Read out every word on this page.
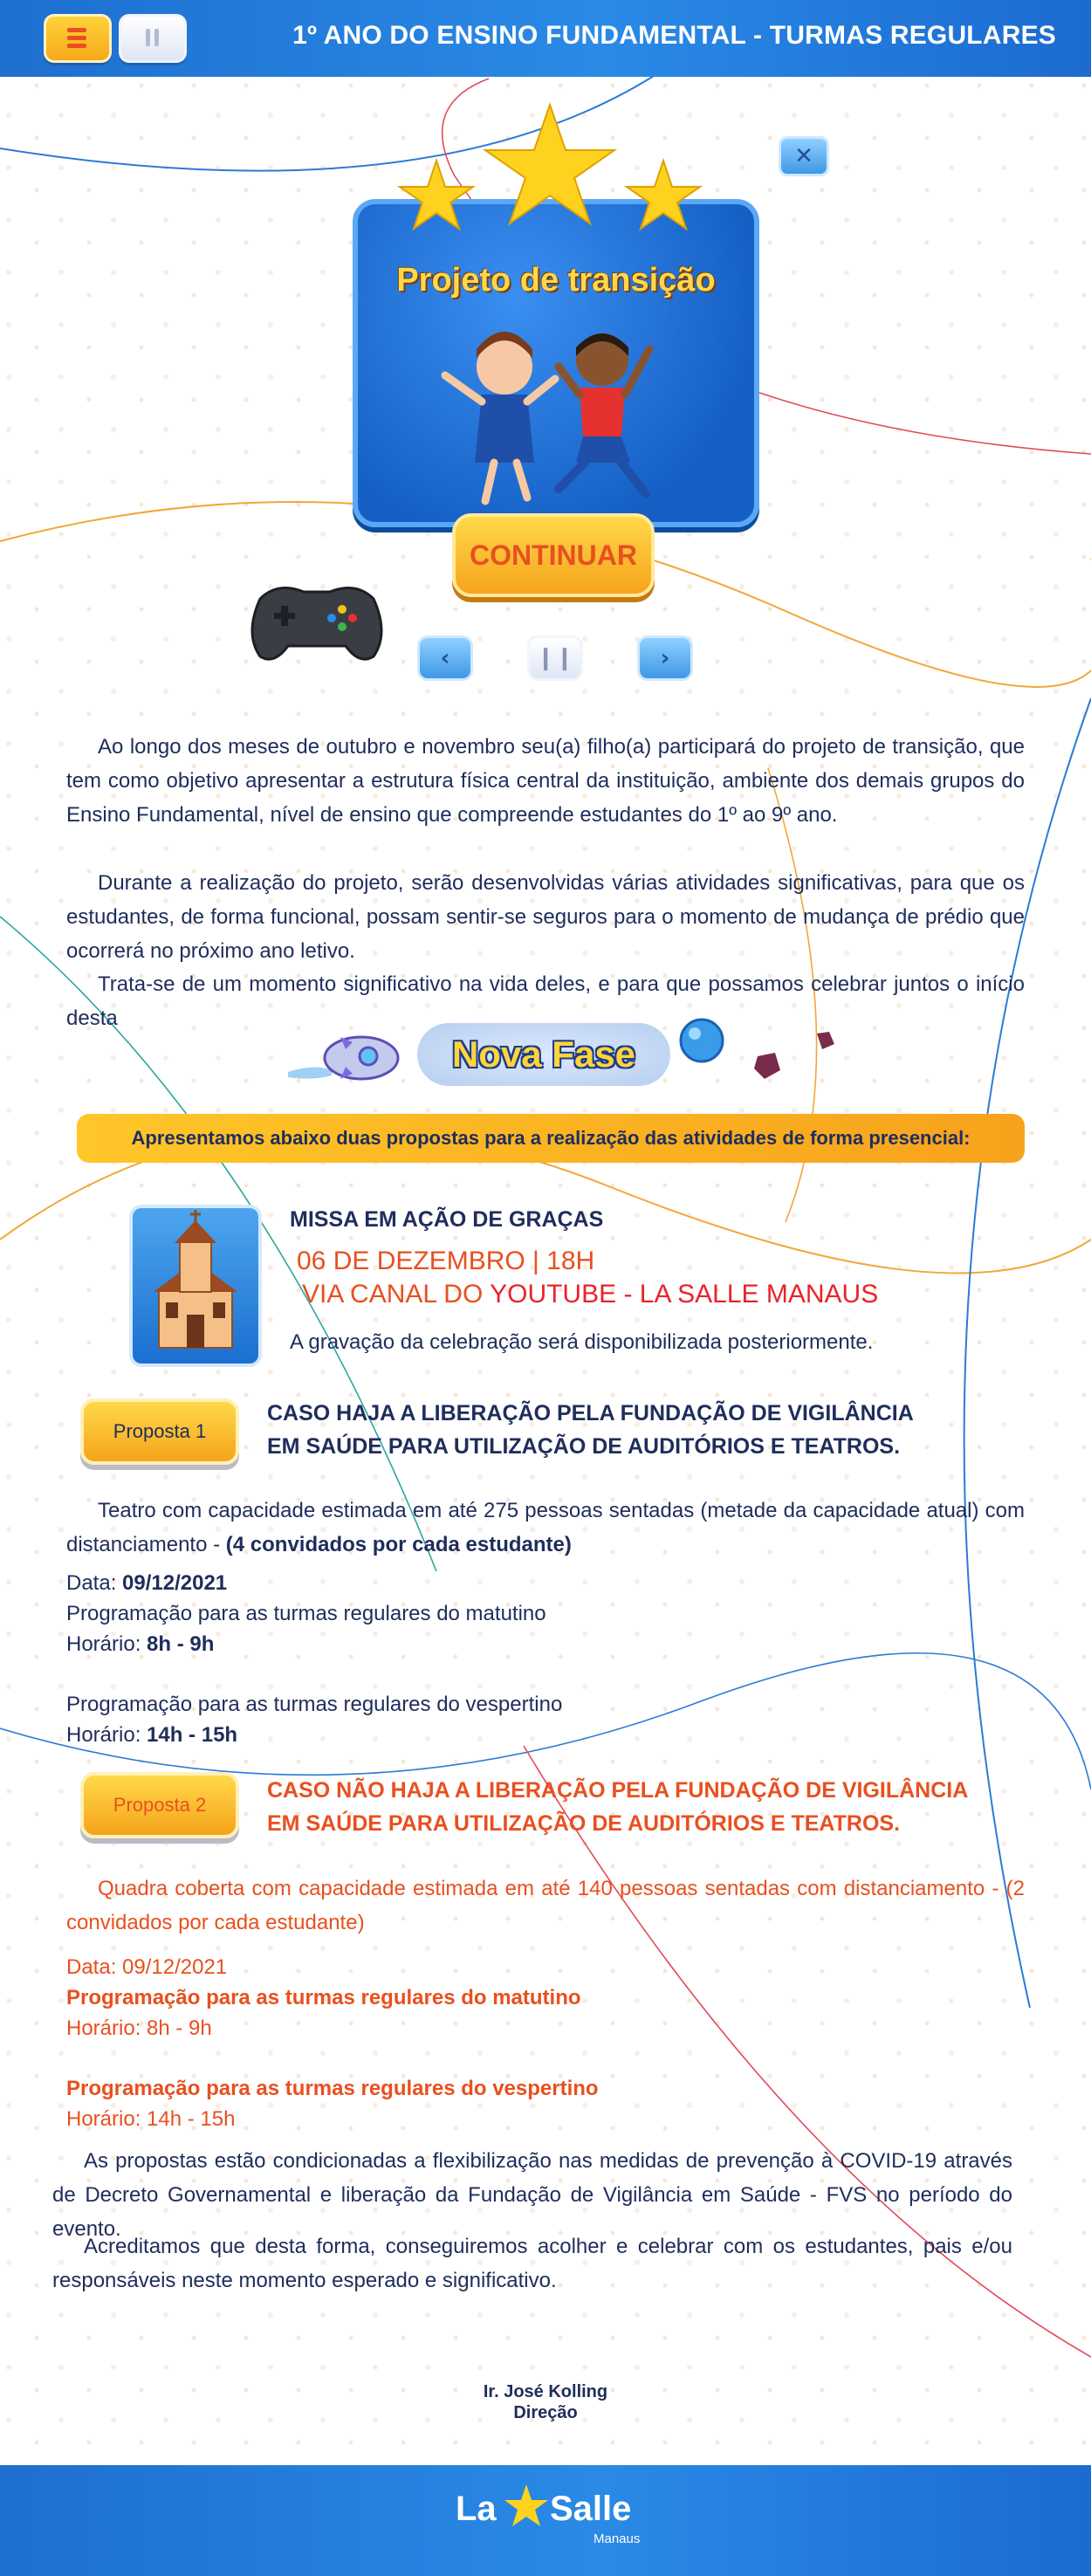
1º ANO DO ENSINO FUNDAMENTAL - TURMAS REGULARES
✕
Projeto de transição
CONTINUAR
‹	❙❙	›
Ao longo dos meses de outubro e novembro seu(a) filho(a) participará do projeto de transição, que tem como objetivo apresentar a estrutura física central da instituição, ambiente dos demais grupos do Ensino Fundamental, nível de ensino que compreende estudantes do 1º ao 9º ano.
Durante a realização do projeto, serão desenvolvidas várias atividades significativas, para que os estudantes, de forma funcional, possam sentir-se seguros para o momento de mudança de prédio que ocorrerá no próximo ano letivo.
Trata-se de um momento significativo na vida deles, e para que possamos celebrar juntos o início desta
Nova Fase
Apresentamos abaixo duas propostas para a realização das atividades de forma presencial:
MISSA EM AÇÃO DE GRAÇAS
06 DE DEZEMBRO | 18H
VIA CANAL DO YOUTUBE - LA SALLE MANAUS
A gravação da celebração será disponibilizada posteriormente.
Proposta 1
CASO HAJA A LIBERAÇÃO PELA FUNDAÇÃO DE VIGILÂNCIA
EM SAÚDE PARA UTILIZAÇÃO DE AUDITÓRIOS E TEATROS.
Teatro com capacidade estimada em até 275 pessoas sentadas (metade da capacidade atual) com distanciamento - (4 convidados por cada estudante)
Data: 09/12/2021
Programação para as turmas regulares do matutino
Horário: 8h - 9h
Programação para as turmas regulares do vespertino
Horário: 14h - 15h
Proposta 2
CASO NÃO HAJA A LIBERAÇÃO PELA FUNDAÇÃO DE VIGILÂNCIA
EM SAÚDE PARA UTILIZAÇÃO DE AUDITÓRIOS E TEATROS.
Quadra coberta com capacidade estimada em até 140 pessoas sentadas com distanciamento - (2 convidados por cada estudante)
Data: 09/12/2021
Programação para as turmas regulares do matutino
Horário: 8h - 9h
Programação para as turmas regulares do vespertino
Horário: 14h - 15h
As propostas estão condicionadas a flexibilização nas medidas de prevenção à COVID-19 através de Decreto Governamental e liberação da Fundação de Vigilância em Saúde - FVS no período do evento.
Acreditamos que desta forma, conseguiremos acolher e celebrar com os estudantes, pais e/ou responsáveis neste momento esperado e significativo.
Ir. José Kolling
Direção
La Salle
Manaus
